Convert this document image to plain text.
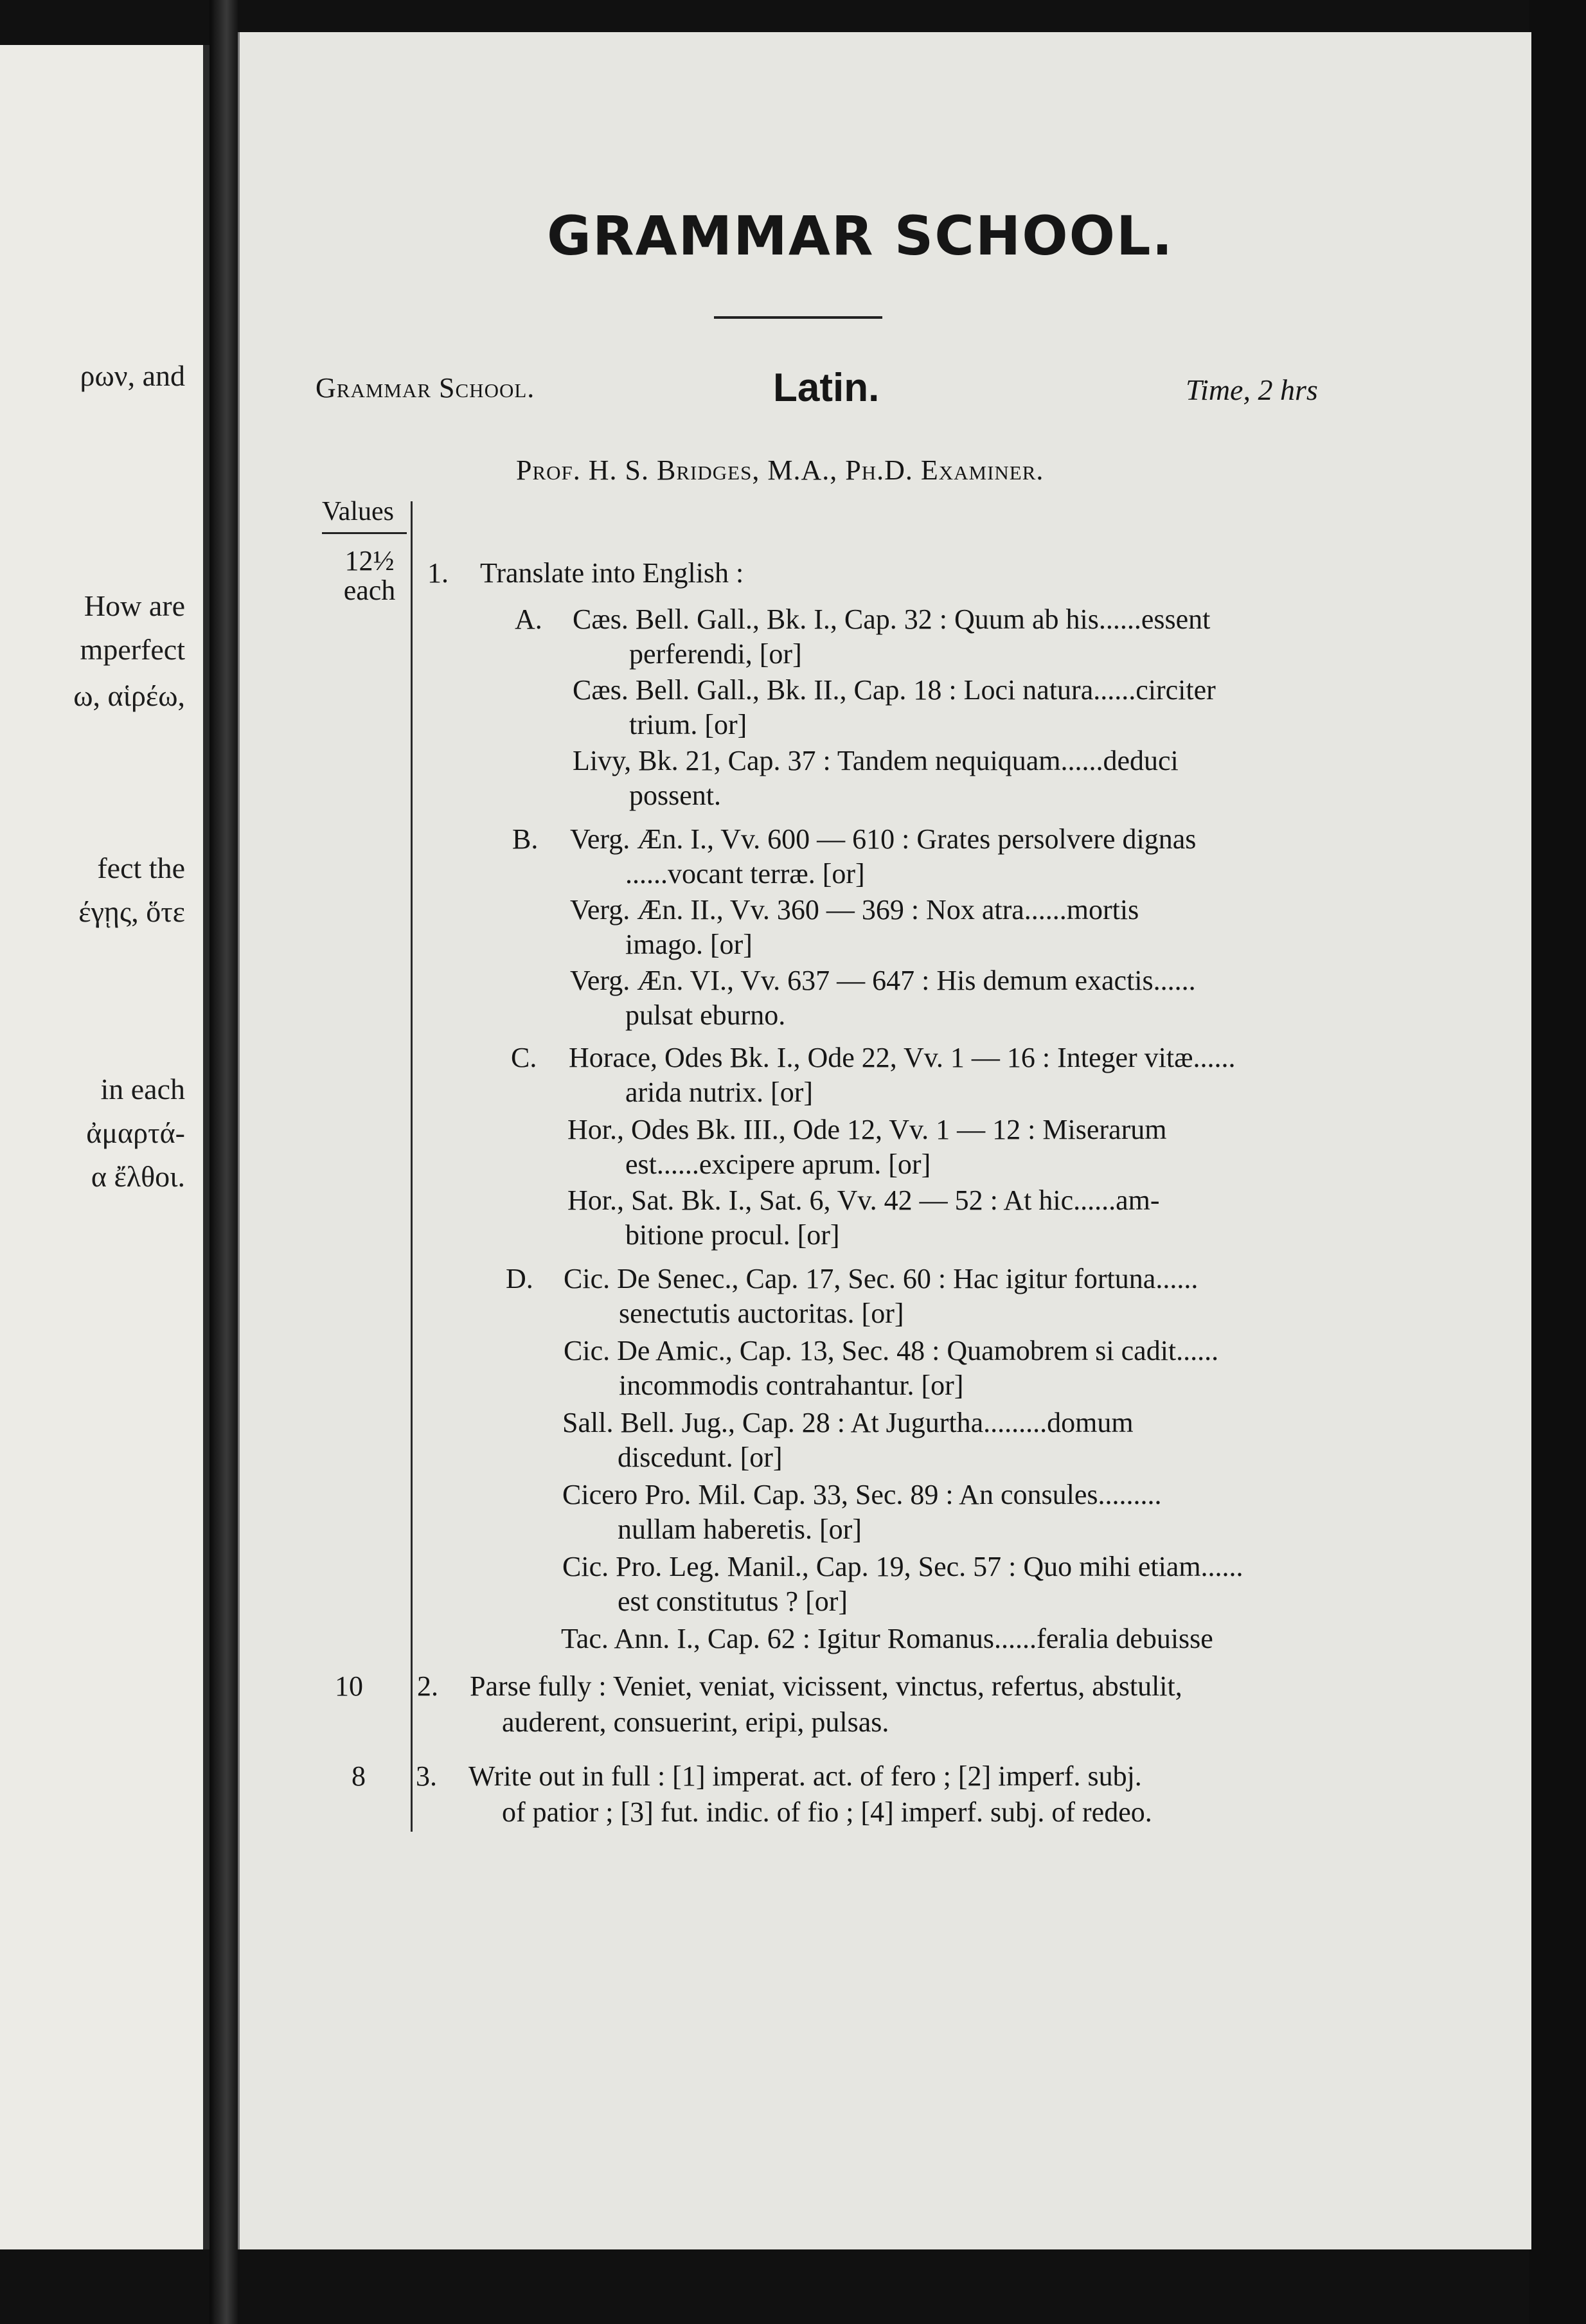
ρων, and
How are
mperfect
ω, αἱρέω,
fect the
έγῃς, ὅτε
in each
ἀμαρτά-
α ἔλθοι.
GRAMMAR SCHOOL.
Grammar School.	Latin.	Time, 2 hrs
Prof. H. S. Bridges, M.A., Ph.D. Examiner.
Values
12½ each
10
8
1. Translate into English :
A. Cæs. Bell. Gall., Bk. I., Cap. 32 : Quum ab his......essent
perferendi, [or]
Cæs. Bell. Gall., Bk. II., Cap. 18 : Loci natura......circiter
trium. [or]
Livy, Bk. 21, Cap. 37 : Tandem nequiquam......deduci
possent.
B. Verg. Æn. I., Vv. 600 — 610 : Grates persolvere dignas
......vocant terræ. [or]
Verg. Æn. II., Vv. 360 — 369 : Nox atra......mortis
imago. [or]
Verg. Æn. VI., Vv. 637 — 647 : His demum exactis......
pulsat eburno.
C. Horace, Odes Bk. I., Ode 22, Vv. 1 — 16 : Integer vitæ......
arida nutrix. [or]
Hor., Odes Bk. III., Ode 12, Vv. 1 — 12 : Miserarum
est......excipere aprum. [or]
Hor., Sat. Bk. I., Sat. 6, Vv. 42 — 52 : At hic......am-
bitione procul. [or]
D. Cic. De Senec., Cap. 17, Sec. 60 : Hac igitur fortuna......
senectutis auctoritas. [or]
Cic. De Amic., Cap. 13, Sec. 48 : Quamobrem si cadit......
incommodis contrahantur. [or]
Sall. Bell. Jug., Cap. 28 : At Jugurtha.........domum
discedunt. [or]
Cicero Pro. Mil. Cap. 33, Sec. 89 : An consules.........
nullam haberetis. [or]
Cic. Pro. Leg. Manil., Cap. 19, Sec. 57 : Quo mihi etiam......
est constitutus ? [or]
Tac. Ann. I., Cap. 62 : Igitur Romanus......feralia debuisse
2. Parse fully : Veniet, veniat, vicissent, vinctus, refertus, abstulit,
auderent, consuerint, eripi, pulsas.
3. Write out in full : [1] imperat. act. of fero ; [2] imperf. subj.
of patior ; [3] fut. indic. of fio ; [4] imperf. subj. of redeo.
